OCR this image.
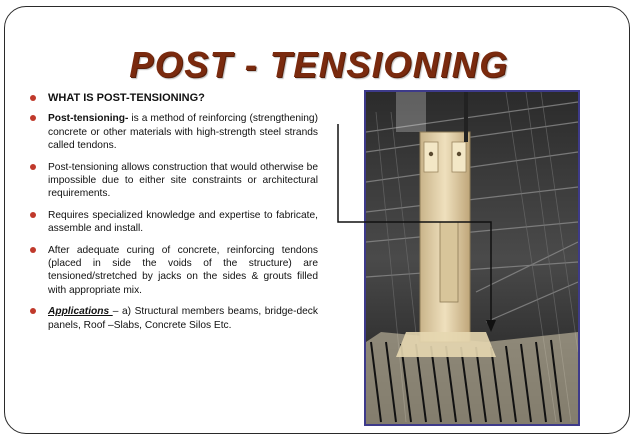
POST - TENSIONING
WHAT IS POST-TENSIONING?
Post-tensioning- is a method of reinforcing (strengthening) concrete or other materials with high-strength steel strands called tendons.
Post-tensioning allows construction that would otherwise be impossible due to either site constraints or architectural requirements.
Requires specialized knowledge and expertise to fabricate, assemble and install.
After adequate curing of concrete, reinforcing tendons (placed in side the voids of the structure) are tensioned/stretched by jacks on the sides & grouts filled with appropriate mix.
Applications – a) Structural members beams, bridge-deck panels, Roof –Slabs, Concrete Silos Etc.
